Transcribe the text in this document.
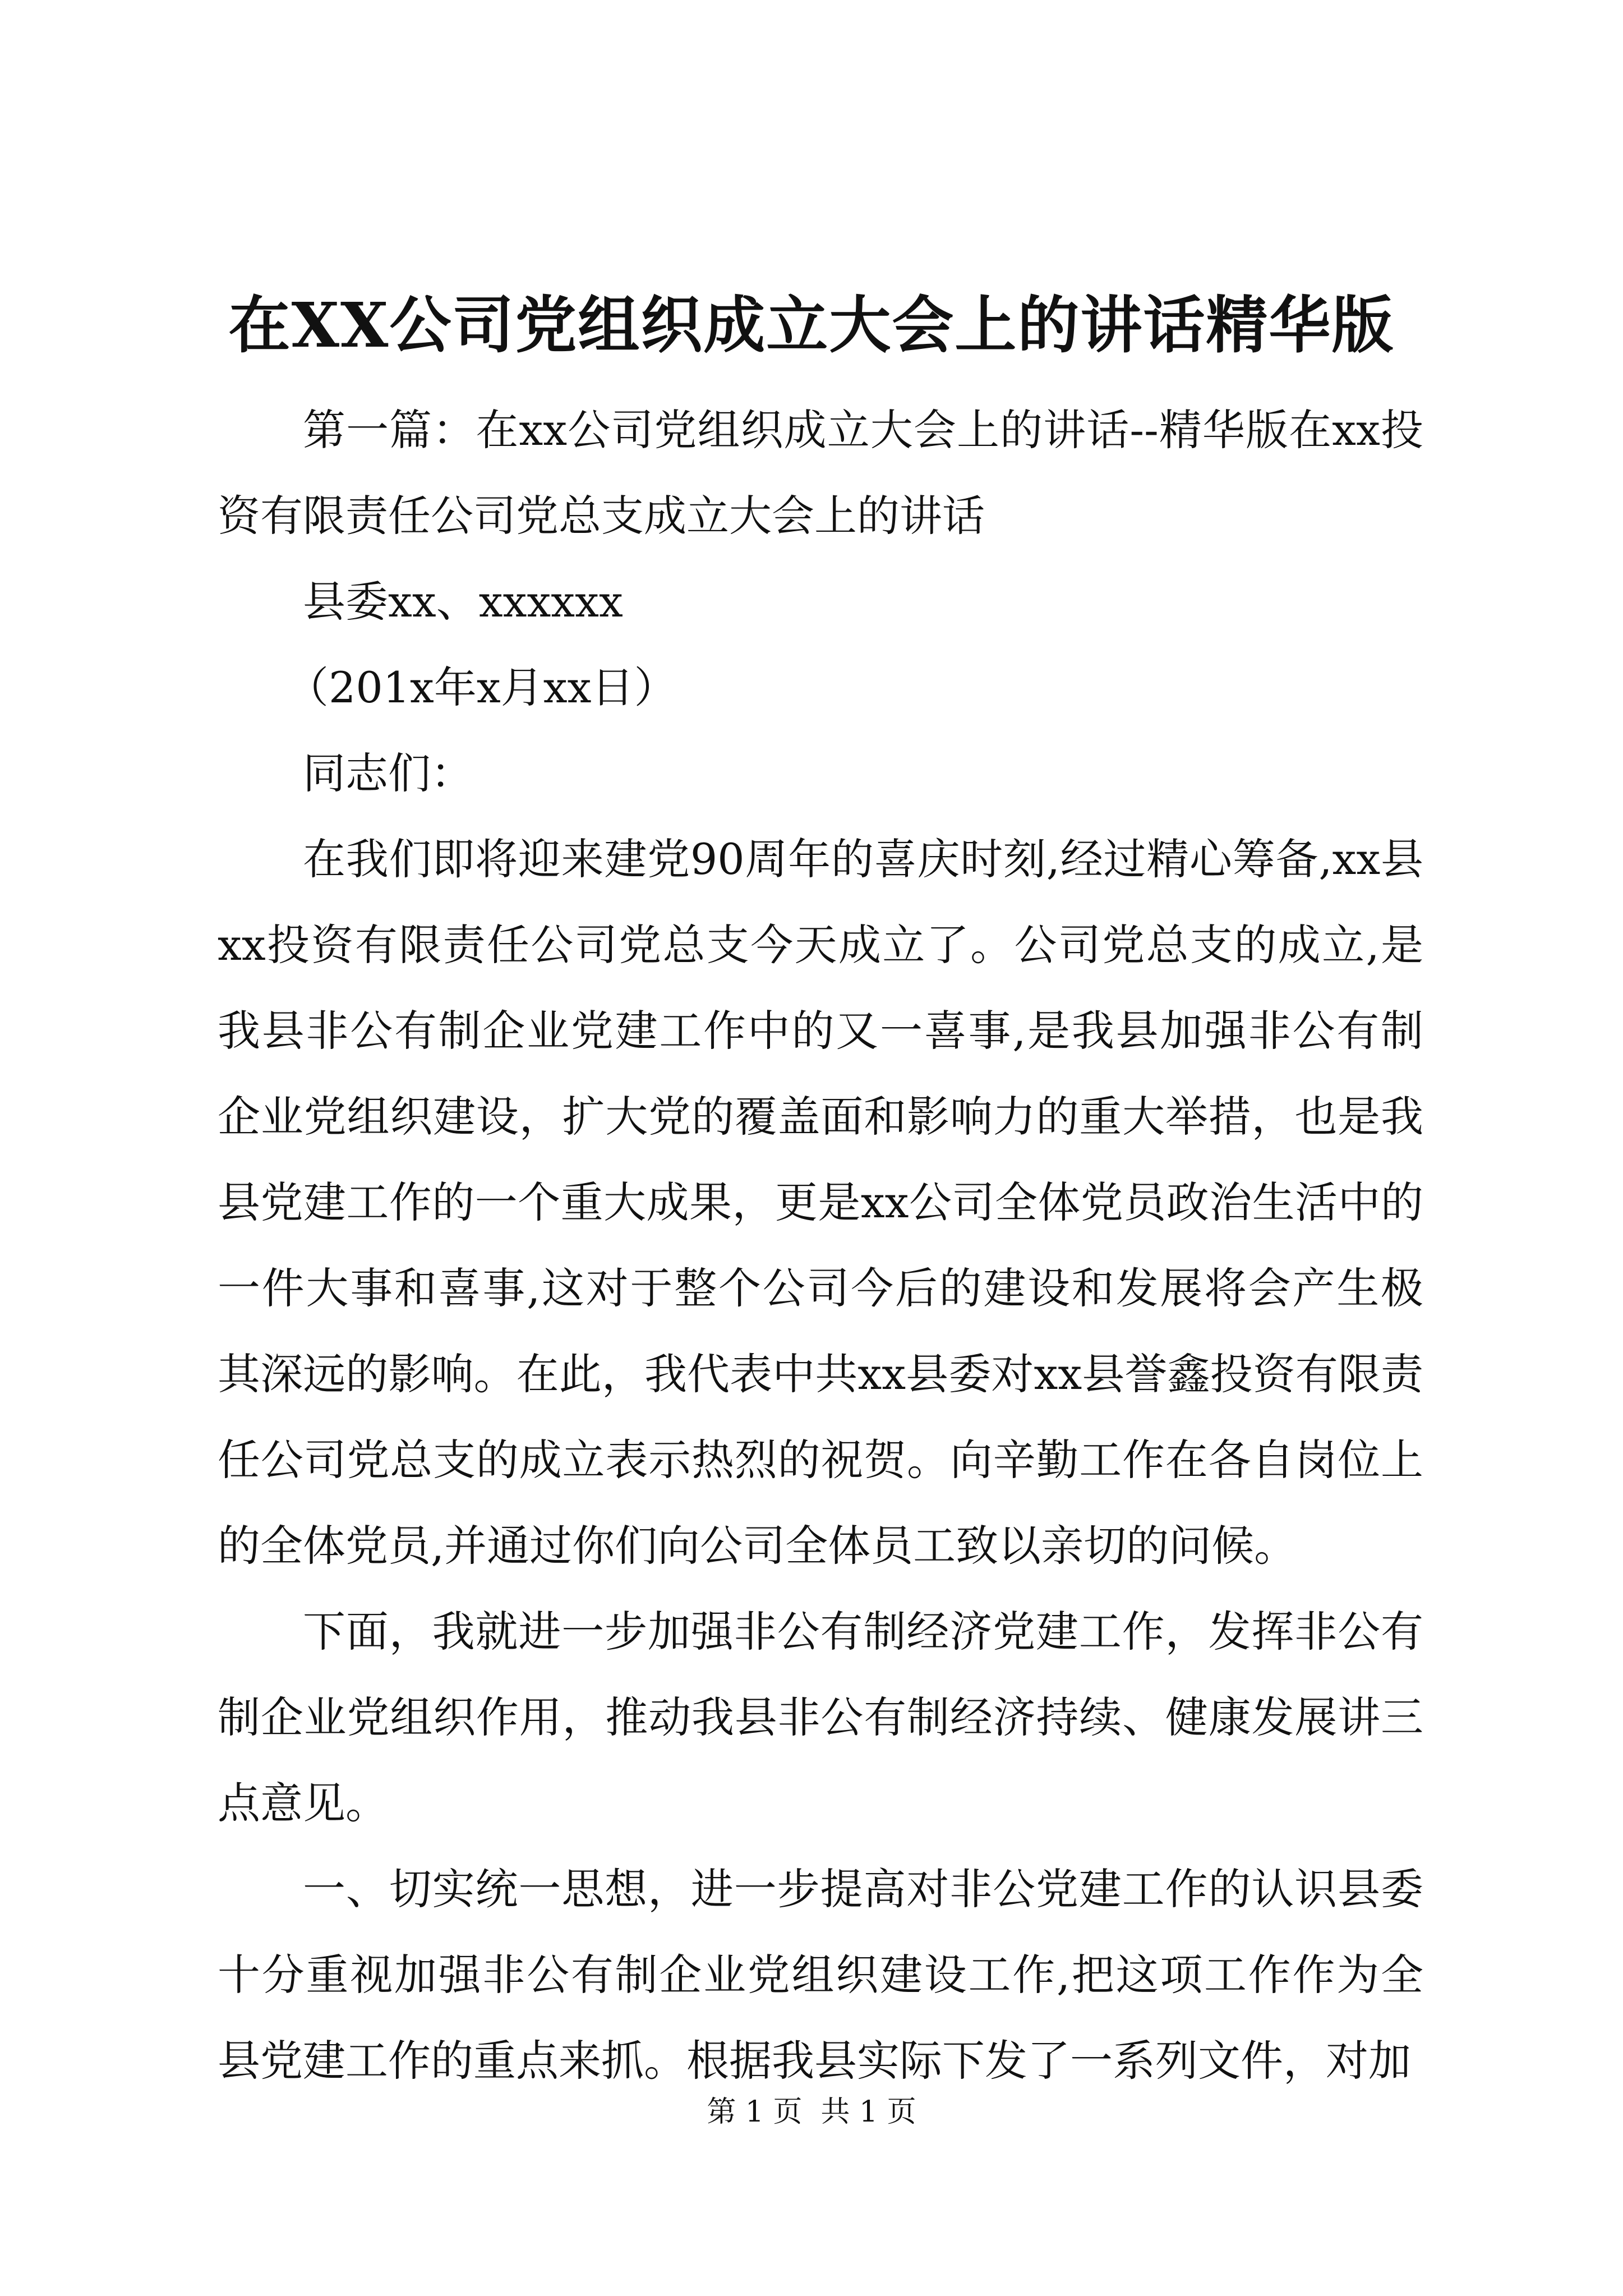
在XX公司党组织成立大会上的讲话精华版

第一篇：在xx公司党组织成立大会上的讲话--精华版在xx投资有限责任公司党总支成立大会上的讲话

县委xx、xxxxxx

（201x年x月xx日）

同志们：

在我们即将迎来建党90周年的喜庆时刻,经过精心筹备,xx县xx投资有限责任公司党总支今天成立了。公司党总支的成立,是我县非公有制企业党建工作中的又一喜事,是我县加强非公有制企业党组织建设，扩大党的覆盖面和影响力的重大举措，也是我县党建工作的一个重大成果，更是xx公司全体党员政治生活中的一件大事和喜事,这对于整个公司今后的建设和发展将会产生极其深远的影响。在此，我代表中共xx县委对xx县誉鑫投资有限责任公司党总支的成立表示热烈的祝贺。向辛勤工作在各自岗位上的全体党员,并通过你们向公司全体员工致以亲切的问候。

下面，我就进一步加强非公有制经济党建工作，发挥非公有制企业党组织作用，推动我县非公有制经济持续、健康发展讲三点意见。

一、切实统一思想，进一步提高对非公党建工作的认识县委十分重视加强非公有制企业党组织建设工作,把这项工作作为全县党建工作的重点来抓。根据我县实际下发了一系列文件，对加

第 1 页  共 1 页
